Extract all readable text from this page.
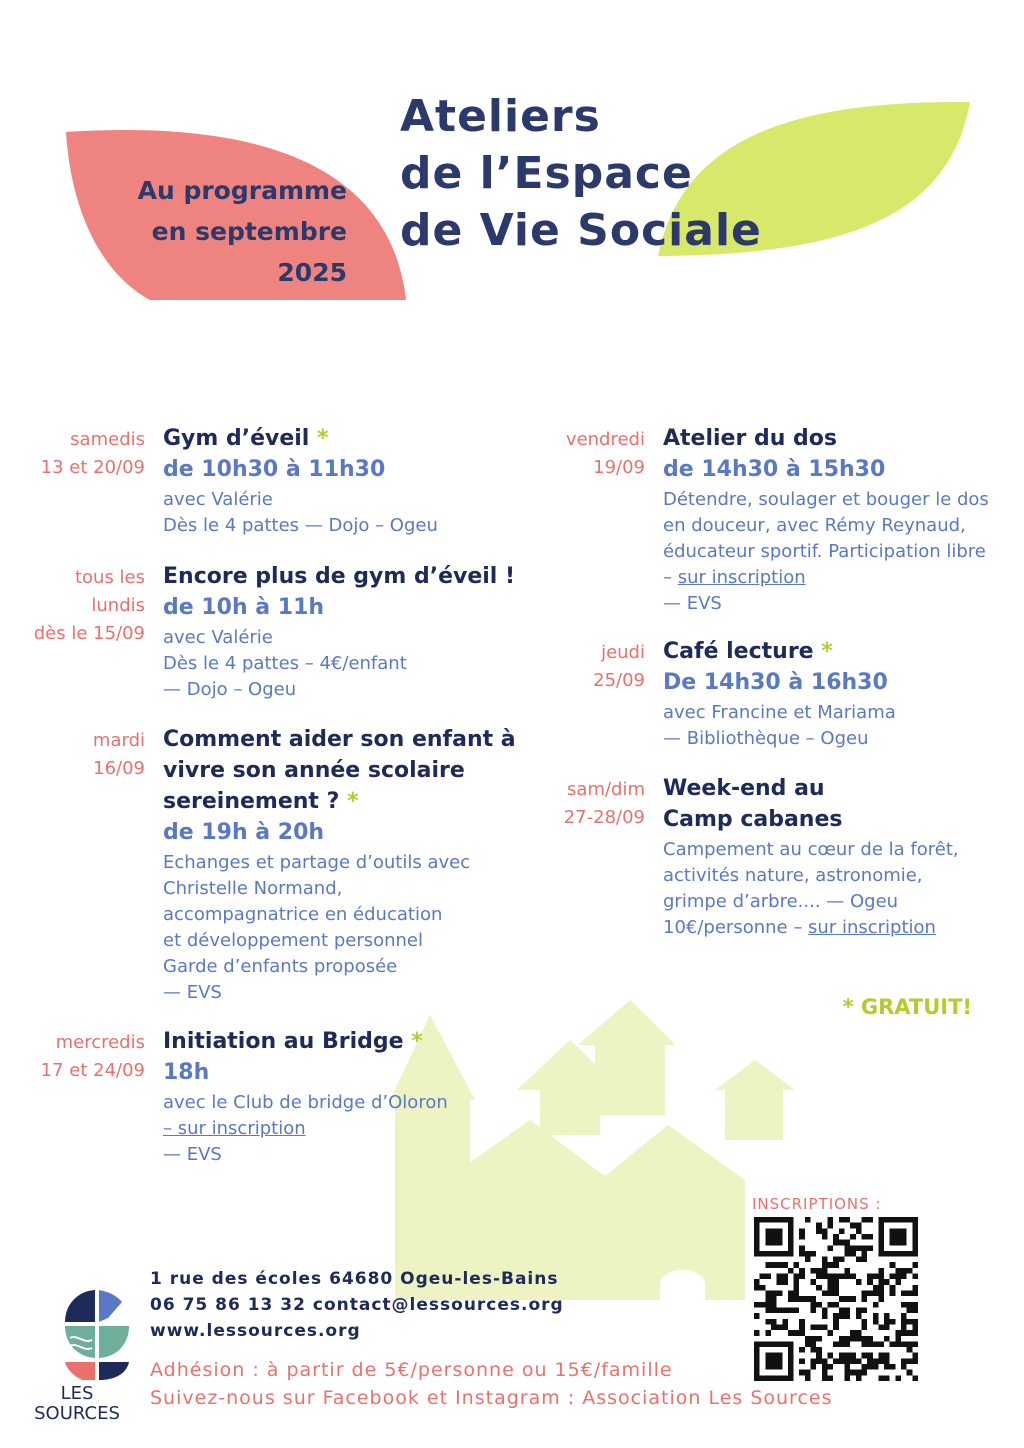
Au programme
en septembre
2025
Ateliers
de l’Espace
de Vie Sociale
samedis
13 et 20/09
Gym d’éveil *
de 10h30 à 11h30
avec Valérie
Dès le 4 pattes — Dojo – Ogeu
tous les
lundis
dès le 15/09
Encore plus de gym d’éveil !
de 10h à 11h
avec Valérie
Dès le 4 pattes – 4€/enfant
— Dojo – Ogeu
mardi
16/09
Comment aider son enfant à
vivre son année scolaire
sereinement ? *
de 19h à 20h
Echanges et partage d’outils avec
Christelle Normand,
accompagnatrice en éducation
et développement personnel
Garde d’enfants proposée
— EVS
mercredis
17 et 24/09
Initiation au Bridge *
18h
avec le Club de bridge d’Oloron
– sur inscription
— EVS
vendredi
19/09
Atelier du dos
de 14h30 à 15h30
Détendre, soulager et bouger le dos
en douceur, avec Rémy Reynaud,
éducateur sportif. Participation libre
– sur inscription
— EVS
jeudi
25/09
Café lecture *
De 14h30 à 16h30
avec Francine et Mariama
— Bibliothèque – Ogeu
sam/dim
27-28/09
Week-end au
Camp cabanes
Campement au cœur de la forêt,
activités nature, astronomie,
grimpe d’arbre.... — Ogeu
10€/personne – sur inscription
* GRATUIT!
INSCRIPTIONS :
1 rue des écoles 64680 Ogeu-les-Bains
06 75 86 13 32 contact@lessources.org
www.lessources.org
Adhésion : à partir de 5€/personne ou 15€/famille
Suivez-nous sur Facebook et Instagram : Association Les Sources
LES
SOURCES
